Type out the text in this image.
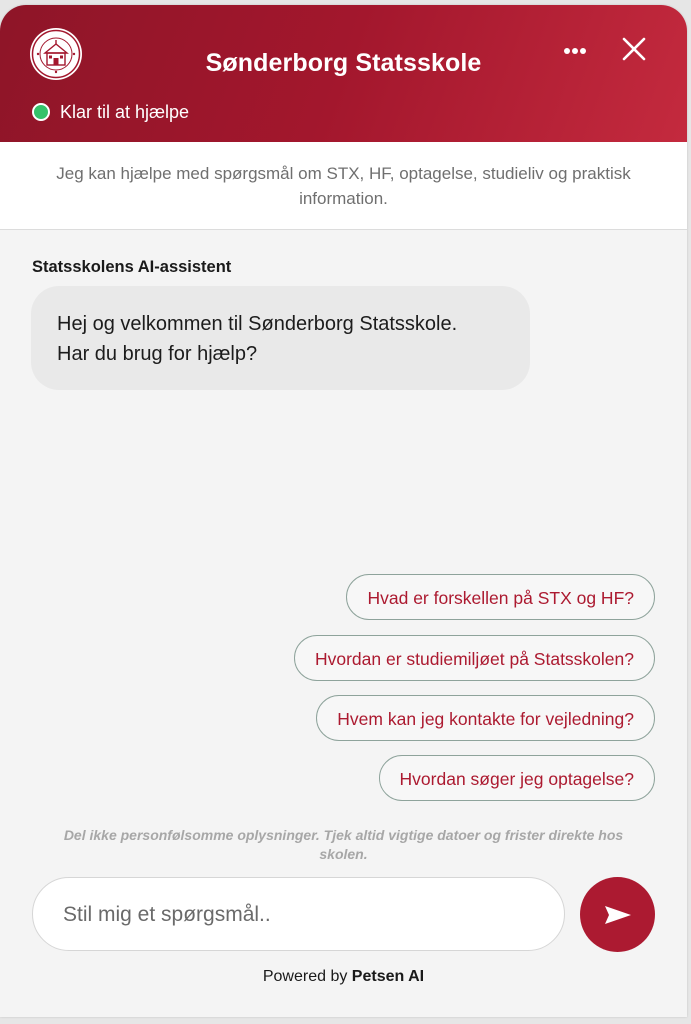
Sønderborg Statsskole
Klar til at hjælpe
Jeg kan hjælpe med spørgsmål om STX, HF, optagelse, studieliv og praktisk information.
Statsskolens AI-assistent
Hej og velkommen til Sønderborg Statsskole.
Har du brug for hjælp?
Hvad er forskellen på STX og HF?
Hvordan er studiemiljøet på Statsskolen?
Hvem kan jeg kontakte for vejledning?
Hvordan søger jeg optagelse?
Del ikke personfølsomme oplysninger. Tjek altid vigtige datoer og frister direkte hos
skolen.
Stil mig et spørgsmål..
Powered by Petsen AI
